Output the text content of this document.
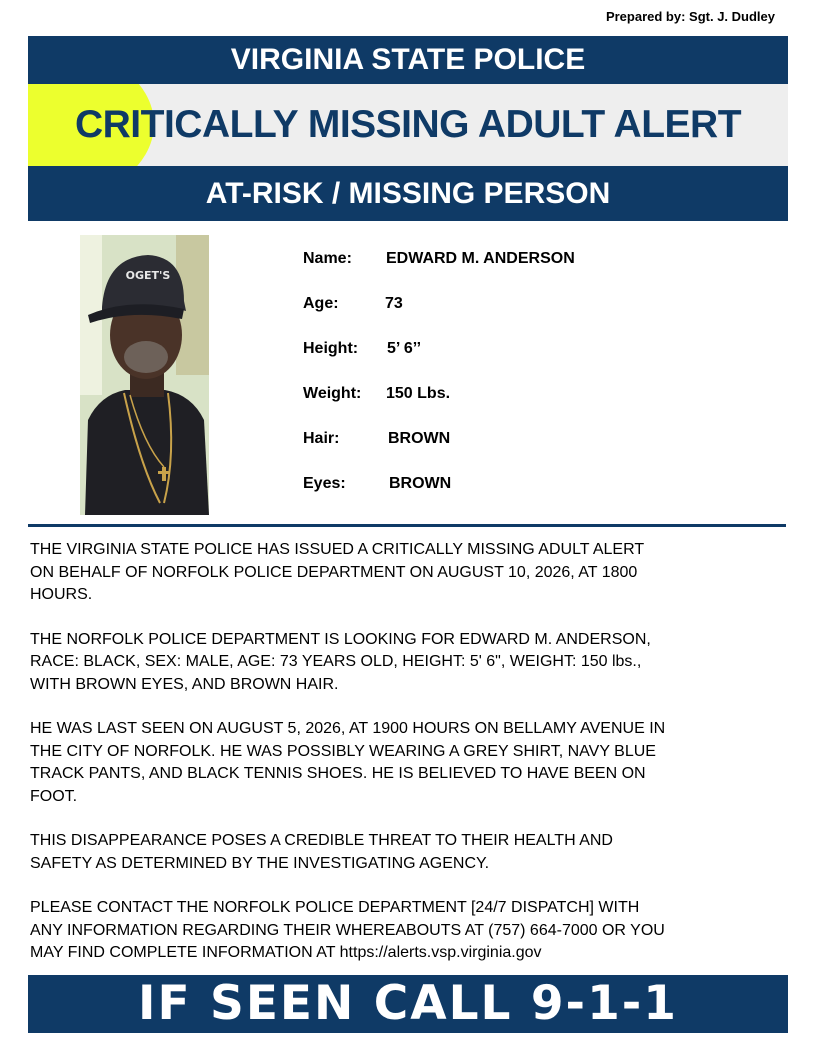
Prepared by: Sgt. J. Dudley
VIRGINIA STATE POLICE
CRITICALLY MISSING ADULT ALERT
AT-RISK / MISSING PERSON
OGET'S
Name: EDWARD M. ANDERSON
Age:	73
Height: 5’ 6’’
Weight: 150 Lbs.
Hair:	BROWN
Eyes:	BROWN

THE VIRGINIA STATE POLICE HAS ISSUED A CRITICALLY MISSING ADULT ALERT
ON BEHALF OF NORFOLK POLICE DEPARTMENT ON AUGUST 10, 2026, AT 1800
HOURS.

THE NORFOLK POLICE DEPARTMENT IS LOOKING FOR EDWARD M. ANDERSON,
RACE: BLACK, SEX: MALE, AGE: 73 YEARS OLD, HEIGHT: 5' 6", WEIGHT: 150 lbs.,
WITH BROWN EYES, AND BROWN HAIR.

HE WAS LAST SEEN ON AUGUST 5, 2026, AT 1900 HOURS ON BELLAMY AVENUE IN
THE CITY OF NORFOLK. HE WAS POSSIBLY WEARING A GREY SHIRT, NAVY BLUE
TRACK PANTS, AND BLACK TENNIS SHOES. HE IS BELIEVED TO HAVE BEEN ON
FOOT.

THIS DISAPPEARANCE POSES A CREDIBLE THREAT TO THEIR HEALTH AND
SAFETY AS DETERMINED BY THE INVESTIGATING AGENCY.

PLEASE CONTACT THE NORFOLK POLICE DEPARTMENT [24/7 DISPATCH] WITH
ANY INFORMATION REGARDING THEIR WHEREABOUTS AT (757) 664-7000 OR YOU
MAY FIND COMPLETE INFORMATION AT https://alerts.vsp.virginia.gov

IF SEEN CALL 9-1-1
